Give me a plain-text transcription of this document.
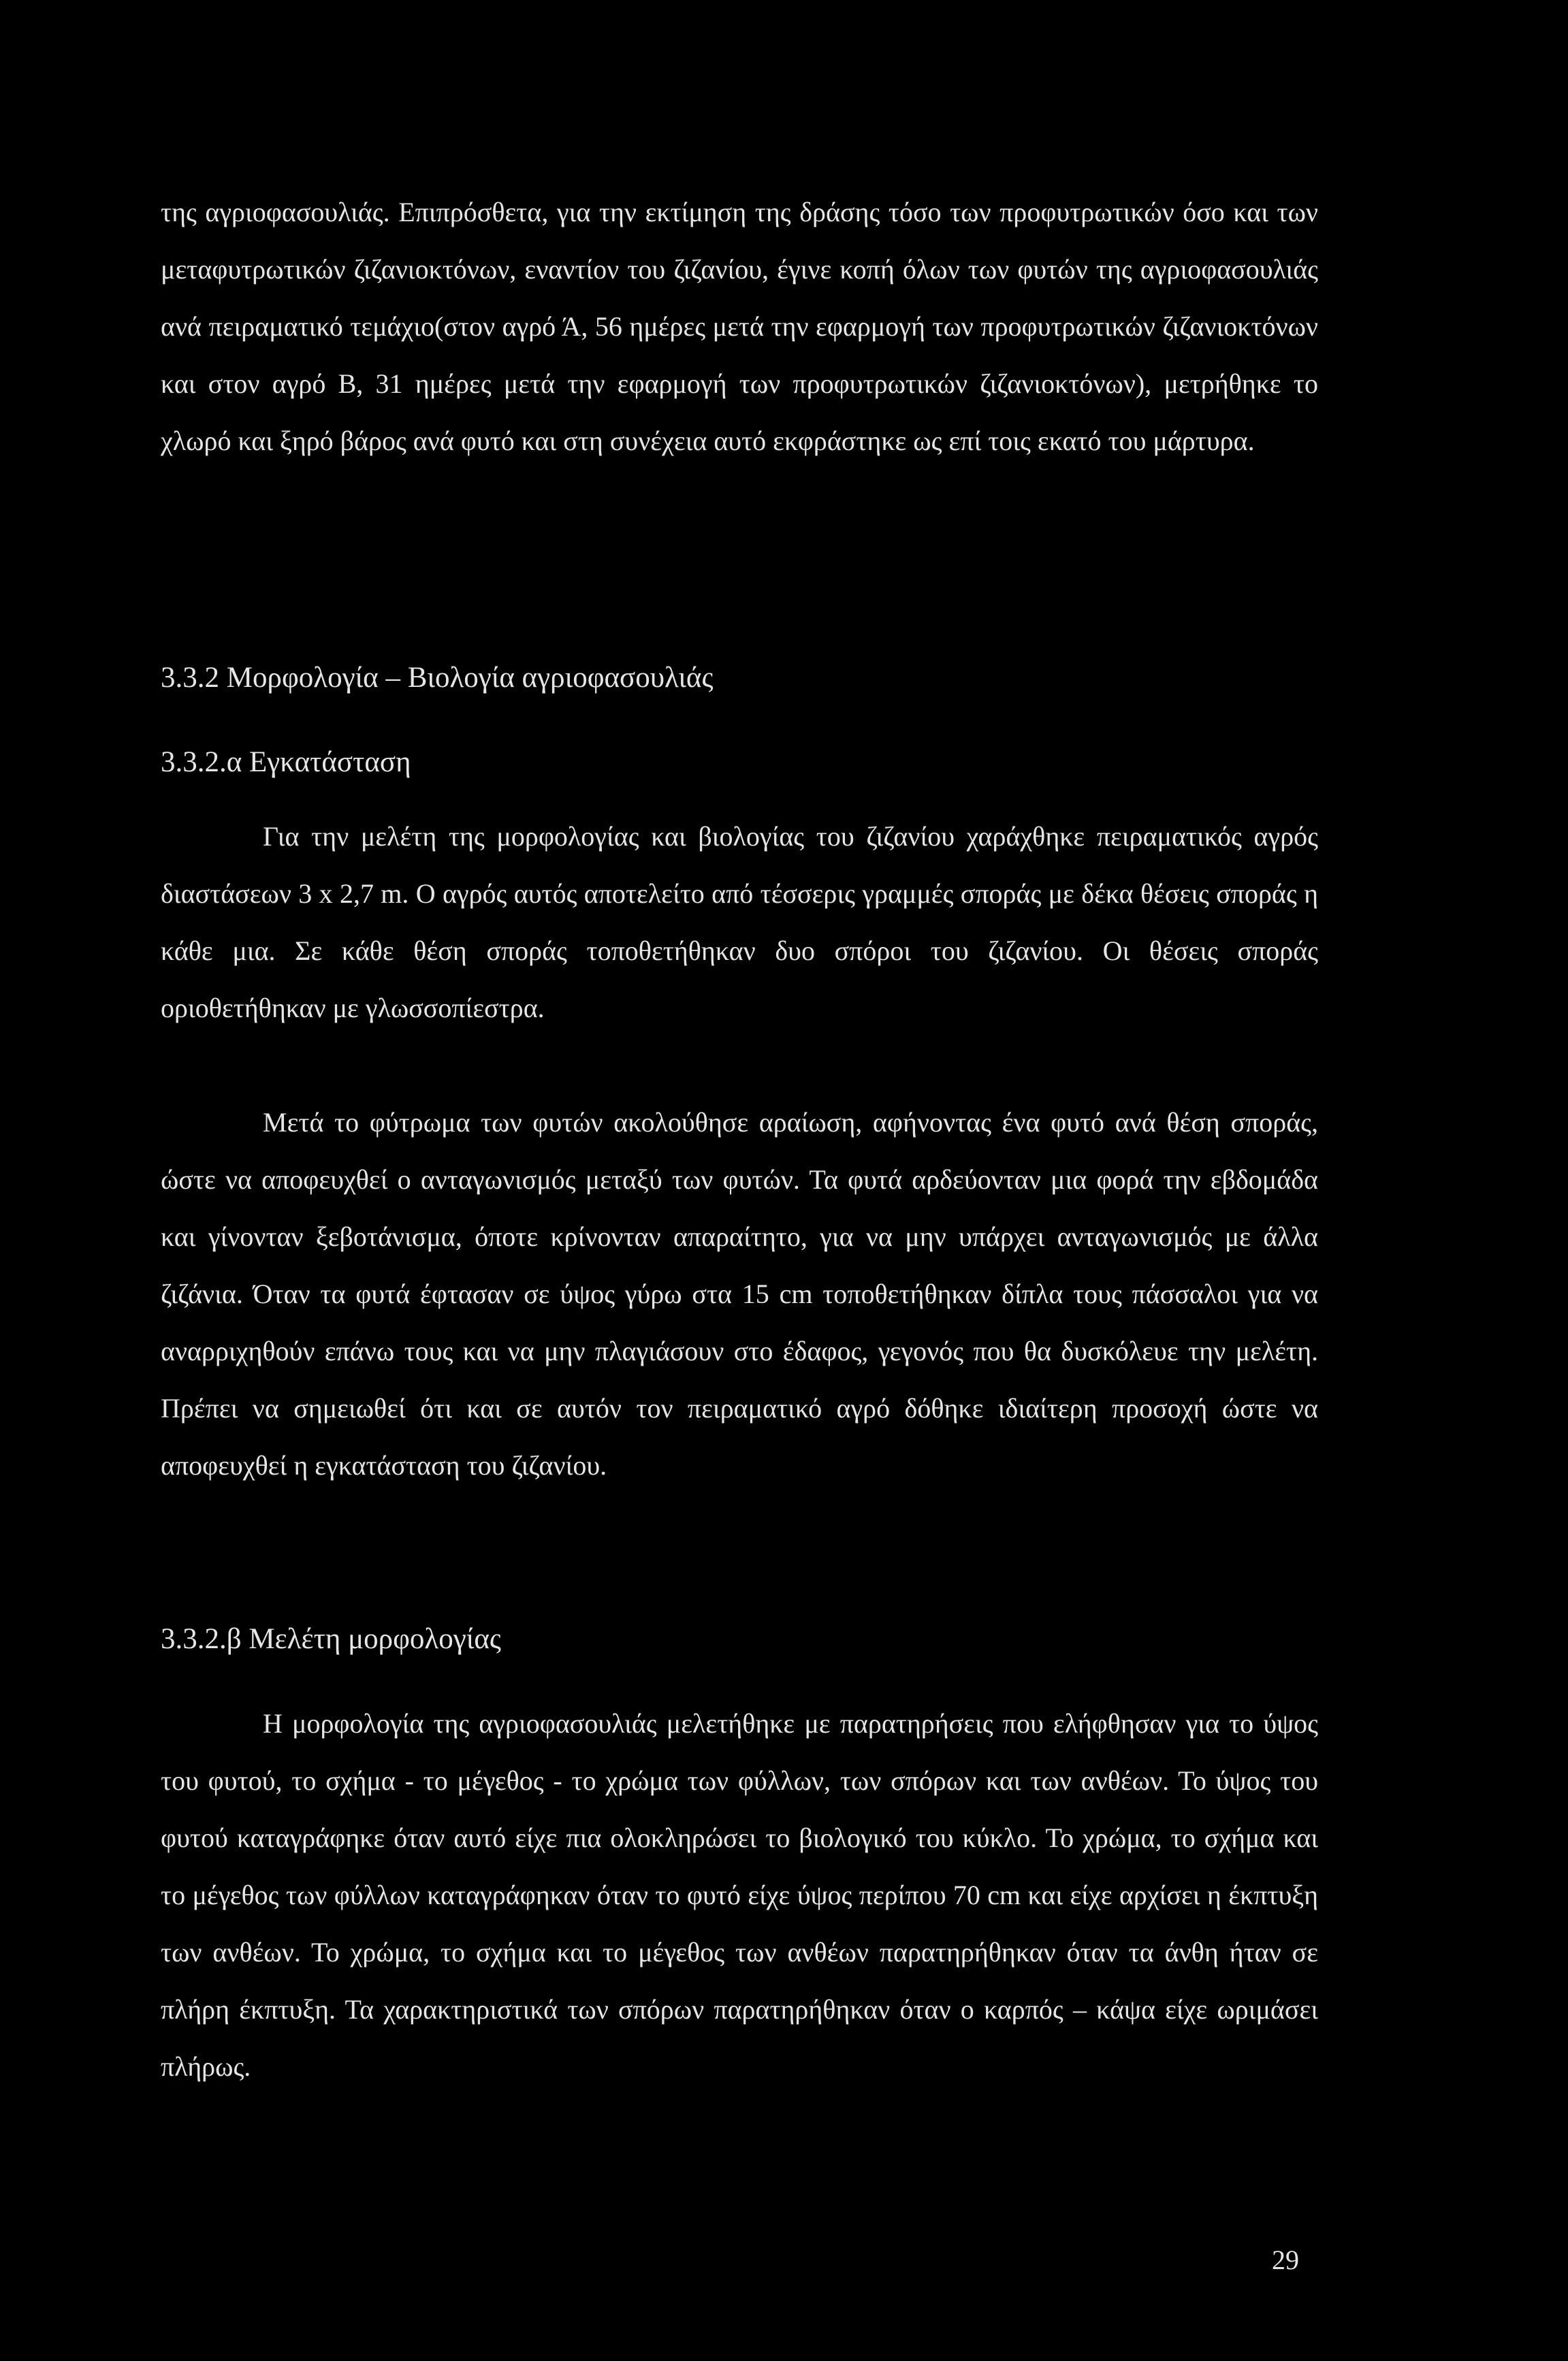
της αγριοφασουλιάς. Επιπρόσθετα, για την εκτίμηση της δράσης τόσο των προφυτρωτικών όσο και των μεταφυτρωτικών ζιζανιοκτόνων, εναντίον του ζιζανίου, έγινε κοπή όλων των φυτών της αγριοφασουλιάς ανά πειραματικό τεμάχιο(στον αγρό Ά, 56 ημέρες μετά την εφαρμογή των προφυτρωτικών ζιζανιοκτόνων και στον αγρό Β, 31 ημέρες μετά την εφαρμογή των προφυτρωτικών ζιζανιοκτόνων), μετρήθηκε το χλωρό και ξηρό βάρος ανά φυτό και στη συνέχεια αυτό εκφράστηκε ως επί τοις εκατό του μάρτυρα.

3.3.2 Μορφολογία – Βιολογία αγριοφασουλιάς
3.3.2.α Εγκατάσταση

Για την μελέτη της μορφολογίας και βιολογίας του ζιζανίου χαράχθηκε πειραματικός αγρός διαστάσεων 3 x 2,7 m. Ο αγρός αυτός αποτελείτο από τέσσερις γραμμές σποράς με δέκα θέσεις σποράς η κάθε μια. Σε κάθε θέση σποράς τοποθετήθηκαν δυο σπόροι του ζιζανίου. Οι θέσεις σποράς οριοθετήθηκαν με γλωσσοπίεστρα.

Μετά το φύτρωμα των φυτών ακολούθησε αραίωση, αφήνοντας ένα φυτό ανά θέση σποράς, ώστε να αποφευχθεί ο ανταγωνισμός μεταξύ των φυτών. Τα φυτά αρδεύονταν μια φορά την εβδομάδα και γίνονταν ξεβοτάνισμα, όποτε κρίνονταν απαραίτητο, για να μην υπάρχει ανταγωνισμός με άλλα ζιζάνια. Όταν τα φυτά έφτασαν σε ύψος γύρω στα 15 cm τοποθετήθηκαν δίπλα τους πάσσαλοι για να αναρριχηθούν επάνω τους και να μην πλαγιάσουν στο έδαφος, γεγονός που θα δυσκόλευε την μελέτη. Πρέπει να σημειωθεί ότι και σε αυτόν τον πειραματικό αγρό δόθηκε ιδιαίτερη προσοχή ώστε να αποφευχθεί η εγκατάσταση του ζιζανίου.

3.3.2.β Μελέτη μορφολογίας

Η μορφολογία της αγριοφασουλιάς μελετήθηκε με παρατηρήσεις που ελήφθησαν για το ύψος του φυτού, το σχήμα - το μέγεθος - το χρώμα των φύλλων, των σπόρων και των ανθέων. Το ύψος του φυτού καταγράφηκε όταν αυτό είχε πια ολοκληρώσει το βιολογικό του κύκλο. Το χρώμα, το σχήμα και το μέγεθος των φύλλων καταγράφηκαν όταν το φυτό είχε ύψος περίπου 70 cm και είχε αρχίσει η έκπτυξη των ανθέων. Το χρώμα, το σχήμα και το μέγεθος των ανθέων παρατηρήθηκαν όταν τα άνθη ήταν σε πλήρη έκπτυξη. Τα χαρακτηριστικά των σπόρων παρατηρήθηκαν όταν ο καρπός – κάψα είχε ωριμάσει πλήρως.

29
